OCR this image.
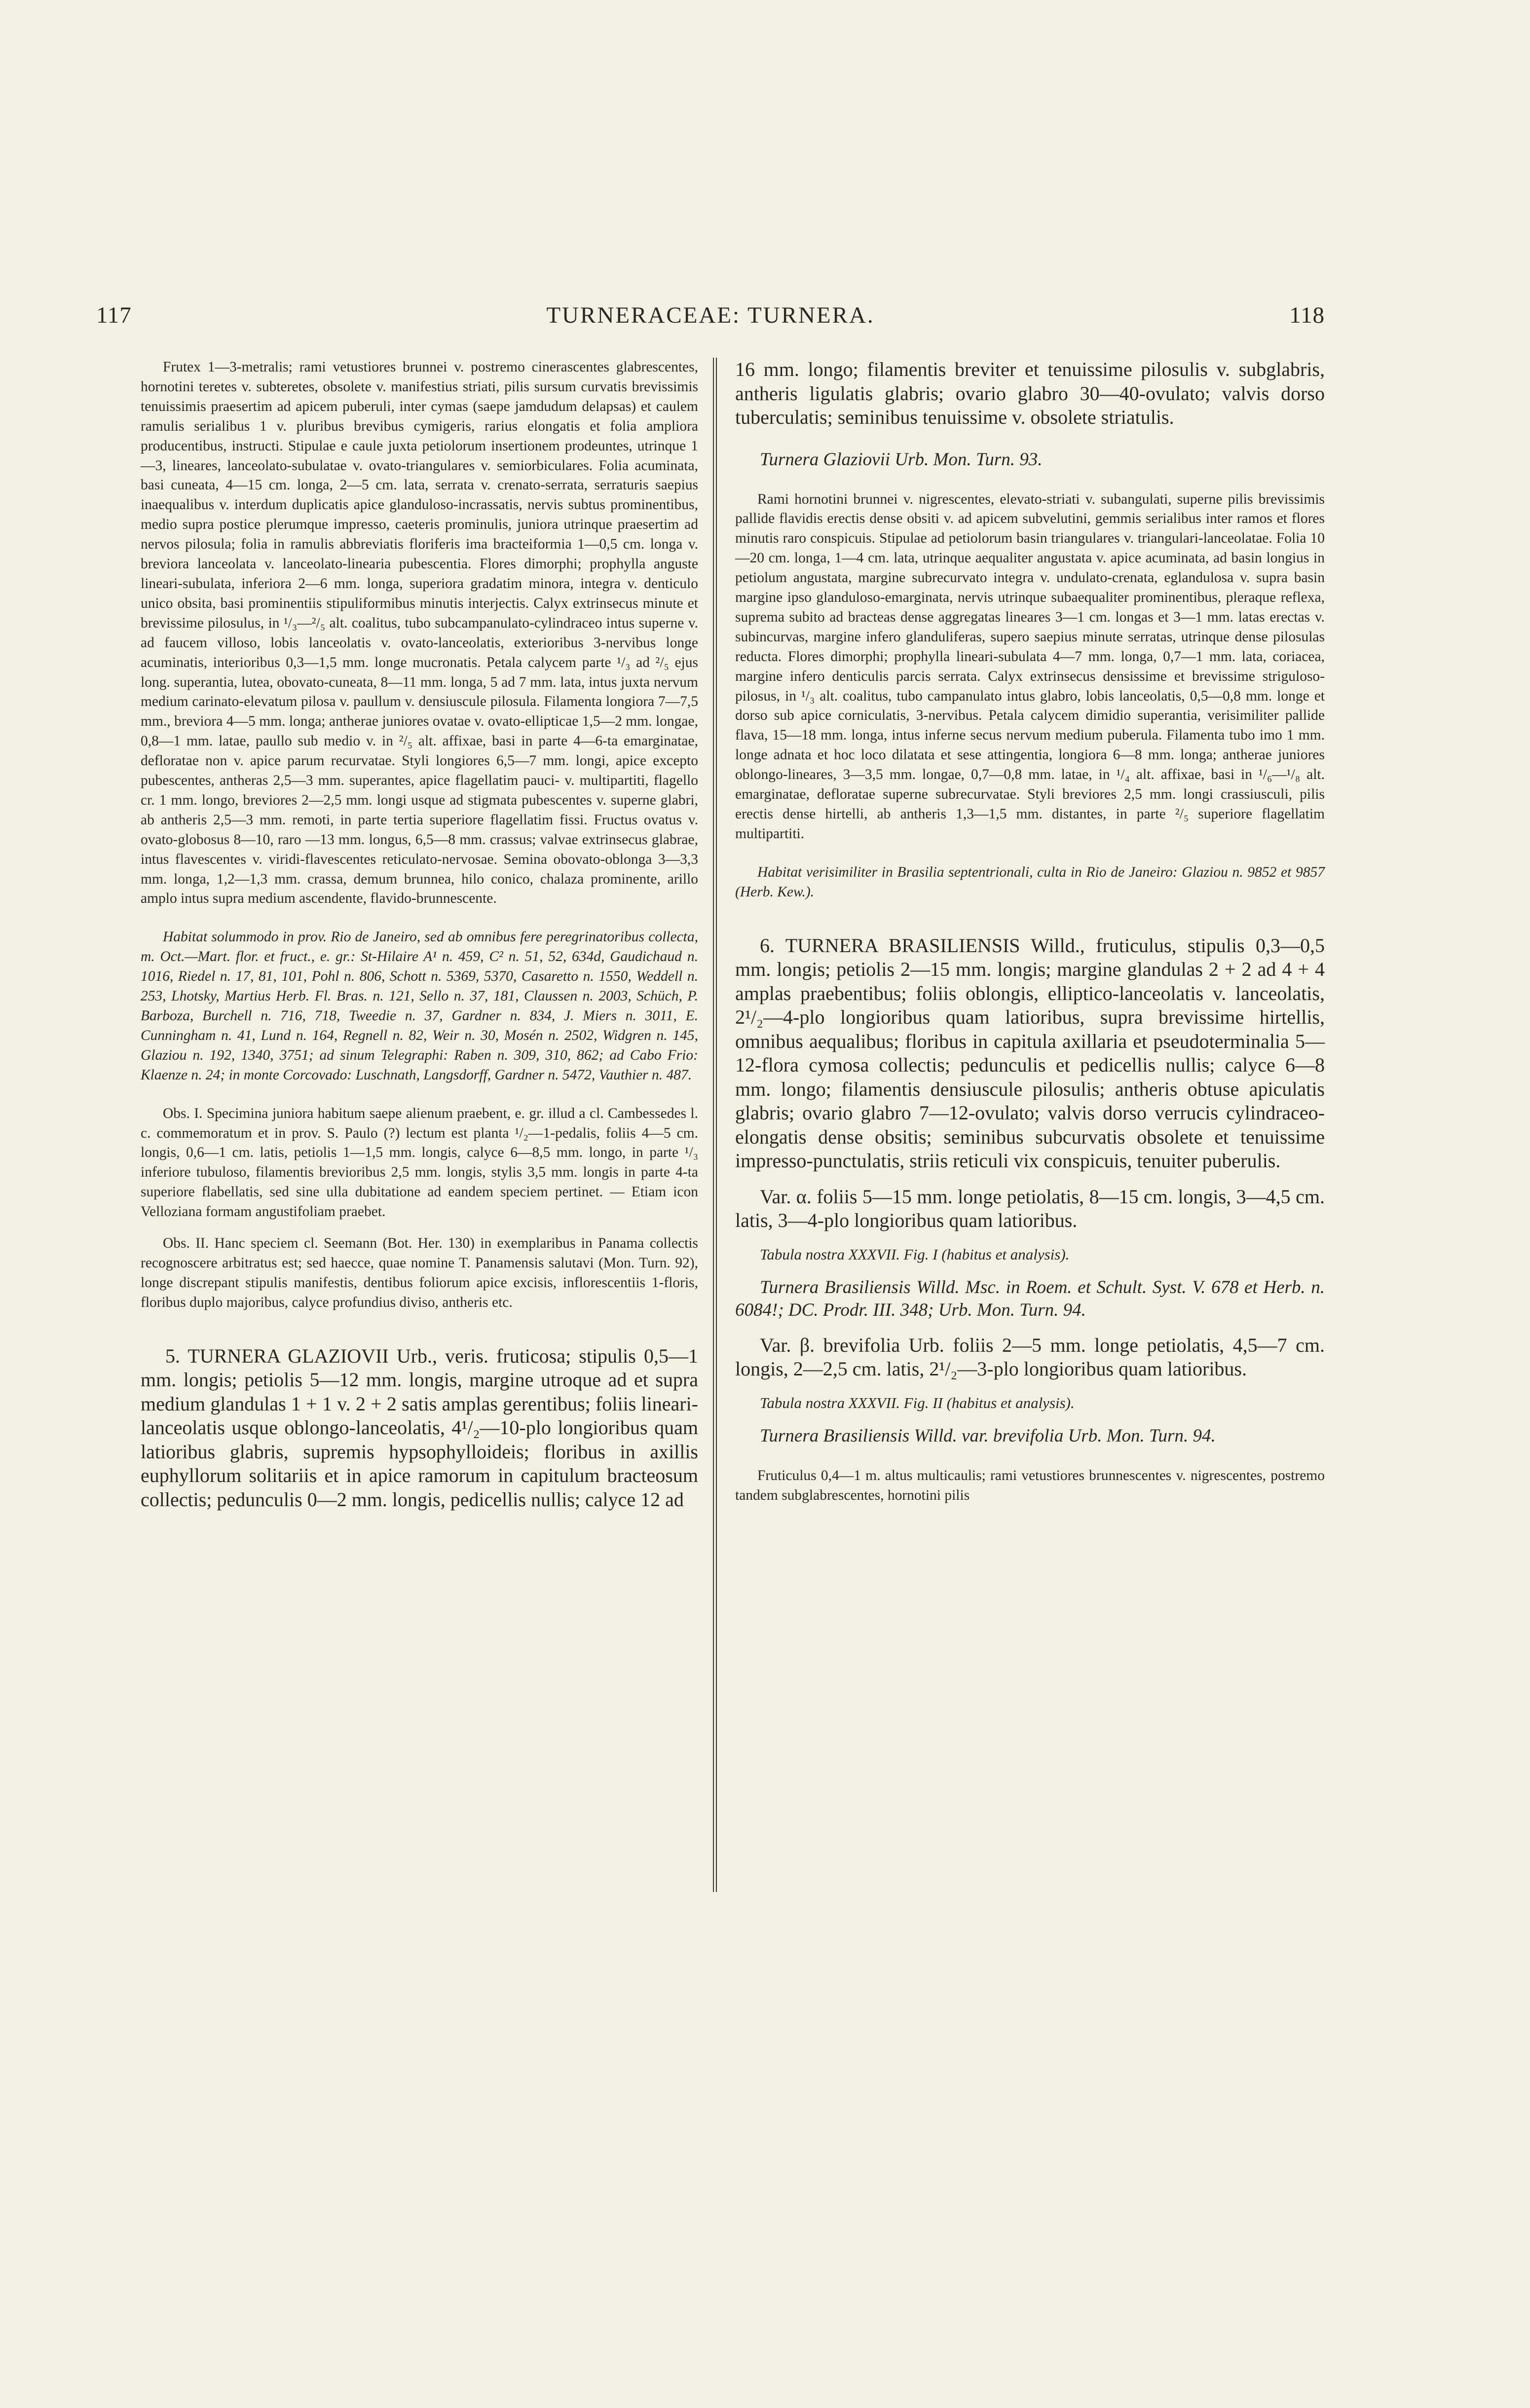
117	TURNERACEAE: TURNERA.	118

Frutex 1—3-metralis; rami vetustiores brunnei v. postremo cinerascentes glabrescentes, hornotini teretes v. subteretes, obsolete v. manifestius striati, pilis sursum curvatis brevissimis tenuissimis praesertim ad apicem puberuli, inter cymas (saepe jamdudum delapsas) et caulem ramulis serialibus 1 v. pluribus brevibus cymigeris, rarius elongatis et folia ampliora producentibus, instructi. Stipulae e caule juxta petiolorum insertionem prodeuntes, utrinque 1—3, lineares, lanceolato-subulatae v. ovato-triangulares v. semiorbiculares. Folia acuminata, basi cuneata, 4—15 cm. longa, 2—5 cm. lata, serrata v. crenato-serrata, serraturis saepius inaequalibus v. interdum duplicatis apice glanduloso-incrassatis, nervis subtus prominentibus, medio supra postice plerumque impresso, caeteris prominulis, juniora utrinque praesertim ad nervos pilosula; folia in ramulis abbreviatis floriferis ima bracteiformia 1—0,5 cm. longa v. breviora lanceolata v. lanceolato-linearia pubescentia. Flores dimorphi; prophylla anguste lineari-subulata, inferiora 2—6 mm. longa, superiora gradatim minora, integra v. denticulo unico obsita, basi prominentiis stipuliformibus minutis interjectis. Calyx extrinsecus minute et brevissime pilosulus, in ¹/₃—²/₅ alt. coalitus, tubo subcampanulato-cylindraceo intus superne v. ad faucem villoso, lobis lanceolatis v. ovato-lanceolatis, exterioribus 3-nervibus longe acuminatis, interioribus 0,3—1,5 mm. longe mucronatis. Petala calycem parte ¹/₃ ad ²/₅ ejus long. superantia, lutea, obovato-cuneata, 8—11 mm. longa, 5 ad 7 mm. lata, intus juxta nervum medium carinato-elevatum pilosa v. paullum v. densiuscule pilosula. Filamenta longiora 7—7,5 mm., breviora 4—5 mm. longa; antherae juniores ovatae v. ovato-ellipticae 1,5—2 mm. longae, 0,8—1 mm. latae, paullo sub medio v. in ²/₅ alt. affixae, basi in parte 4—6-ta emarginatae, defloratae non v. apice parum recurvatae. Styli longiores 6,5—7 mm. longi, apice excepto pubescentes, antheras 2,5—3 mm. superantes, apice flagellatim pauci- v. multipartiti, flagello cr. 1 mm. longo, breviores 2—2,5 mm. longi usque ad stigmata pubescentes v. superne glabri, ab antheris 2,5—3 mm. remoti, in parte tertia superiore flagellatim fissi. Fructus ovatus v. ovato-globosus 8—10, raro —13 mm. longus, 6,5—8 mm. crassus; valvae extrinsecus glabrae, intus flavescentes v. viridi-flavescentes reticulato-nervosae. Semina obovato-oblonga 3—3,3 mm. longa, 1,2—1,3 mm. crassa, demum brunnea, hilo conico, chalaza prominente, arillo amplo intus supra medium ascendente, flavido-brunnescente.

Habitat solummodo in prov. Rio de Janeiro, sed ab omnibus fere peregrinatoribus collecta, m. Oct.—Mart. flor. et fruct., e. gr.: St-Hilaire A¹ n. 459, C² n. 51, 52, 634d, Gaudichaud n. 1016, Riedel n. 17, 81, 101, Pohl n. 806, Schott n. 5369, 5370, Casaretto n. 1550, Weddell n. 253, Lhotsky, Martius Herb. Fl. Bras. n. 121, Sello n. 37, 181, Claussen n. 2003, Schüch, P. Barboza, Burchell n. 716, 718, Tweedie n. 37, Gardner n. 834, J. Miers n. 3011, E. Cunningham n. 41, Lund n. 164, Regnell n. 82, Weir n. 30, Mosén n. 2502, Widgren n. 145, Glaziou n. 192, 1340, 3751; ad sinum Telegraphi: Raben n. 309, 310, 862; ad Cabo Frio: Klaenze n. 24; in monte Corcovado: Luschnath, Langsdorff, Gardner n. 5472, Vauthier n. 487.

Obs. I. Specimina juniora habitum saepe alienum praebent, e. gr. illud a cl. Cambessedes l. c. commemoratum et in prov. S. Paulo (?) lectum est planta ¹/₂—1-pedalis, foliis 4—5 cm. longis, 0,6—1 cm. latis, petiolis 1—1,5 mm. longis, calyce 6—8,5 mm. longo, in parte ¹/₃ inferiore tubuloso, filamentis brevioribus 2,5 mm. longis, stylis 3,5 mm. longis in parte 4-ta superiore flabellatis, sed sine ulla dubitatione ad eandem speciem pertinet. — Etiam icon Velloziana formam angustifoliam praebet.

Obs. II. Hanc speciem cl. Seemann (Bot. Her. 130) in exemplaribus in Panama collectis recognoscere arbitratus est; sed haecce, quae nomine T. Panamensis salutavi (Mon. Turn. 92), longe discrepant stipulis manifestis, dentibus foliorum apice excisis, inflorescentiis 1-floris, floribus duplo majoribus, calyce profundius diviso, antheris etc.

5. TURNERA GLAZIOVII Urb., veris. fruticosa; stipulis 0,5—1 mm. longis; petiolis 5—12 mm. longis, margine utroque ad et supra medium glandulas 1 + 1 v. 2 + 2 satis amplas gerentibus; foliis lineari-lanceolatis usque oblongo-lanceolatis, 4¹/₂—10-plo longioribus quam latioribus glabris, supremis hypsophylloideis; floribus in axillis euphyllorum solitariis et in apice ramorum in capitulum bracteosum collectis; pedunculis 0—2 mm. longis, pedicellis nullis; calyce 12 ad

16 mm. longo; filamentis breviter et tenuissime pilosulis v. subglabris, antheris ligulatis glabris; ovario glabro 30—40-ovulato; valvis dorso tuberculatis; seminibus tenuissime v. obsolete striatulis.

Turnera Glaziovii Urb. Mon. Turn. 93.

Rami hornotini brunnei v. nigrescentes, elevato-striati v. subangulati, superne pilis brevissimis pallide flavidis erectis dense obsiti v. ad apicem subvelutini, gemmis serialibus inter ramos et flores minutis raro conspicuis. Stipulae ad petiolorum basin triangulares v. triangulari-lanceolatae. Folia 10—20 cm. longa, 1—4 cm. lata, utrinque aequaliter angustata v. apice acuminata, ad basin longius in petiolum angustata, margine subrecurvato integra v. undulato-crenata, eglandulosa v. supra basin margine ipso glanduloso-emarginata, nervis utrinque subaequaliter prominentibus, pleraque reflexa, suprema subito ad bracteas dense aggregatas lineares 3—1 cm. longas et 3—1 mm. latas erectas v. subincurvas, margine infero glanduliferas, supero saepius minute serratas, utrinque dense pilosulas reducta. Flores dimorphi; prophylla lineari-subulata 4—7 mm. longa, 0,7—1 mm. lata, coriacea, margine infero denticulis parcis serrata. Calyx extrinsecus densissime et brevissime striguloso-pilosus, in ¹/₃ alt. coalitus, tubo campanulato intus glabro, lobis lanceolatis, 0,5—0,8 mm. longe et dorso sub apice corniculatis, 3-nervibus. Petala calycem dimidio superantia, verisimiliter pallide flava, 15—18 mm. longa, intus inferne secus nervum medium puberula. Filamenta tubo imo 1 mm. longe adnata et hoc loco dilatata et sese attingentia, longiora 6—8 mm. longa; antherae juniores oblongo-lineares, 3—3,5 mm. longae, 0,7—0,8 mm. latae, in ¹/₄ alt. affixae, basi in ¹/₆—¹/₈ alt. emarginatae, defloratae superne subrecurvatae. Styli breviores 2,5 mm. longi crassiusculi, pilis erectis dense hirtelli, ab antheris 1,3—1,5 mm. distantes, in parte ²/₅ superiore flagellatim multipartiti.

Habitat verisimiliter in Brasilia septentrionali, culta in Rio de Janeiro: Glaziou n. 9852 et 9857 (Herb. Kew.).

6. TURNERA BRASILIENSIS Willd., fruticulus, stipulis 0,3—0,5 mm. longis; petiolis 2—15 mm. longis; margine glandulas 2 + 2 ad 4 + 4 amplas praebentibus; foliis oblongis, elliptico-lanceolatis v. lanceolatis, 2¹/₂—4-plo longioribus quam latioribus, supra brevissime hirtellis, omnibus aequalibus; floribus in capitula axillaria et pseudoterminalia 5—12-flora cymosa collectis; pedunculis et pedicellis nullis; calyce 6—8 mm. longo; filamentis densiuscule pilosulis; antheris obtuse apiculatis glabris; ovario glabro 7—12-ovulato; valvis dorso verrucis cylindraceo-elongatis dense obsitis; seminibus subcurvatis obsolete et tenuissime impresso-punctulatis, striis reticuli vix conspicuis, tenuiter puberulis.

Var. α. foliis 5—15 mm. longe petiolatis, 8—15 cm. longis, 3—4,5 cm. latis, 3—4-plo longioribus quam latioribus.

Tabula nostra XXXVII. Fig. I (habitus et analysis).

Turnera Brasiliensis Willd. Msc. in Roem. et Schult. Syst. V. 678 et Herb. n. 6084!; DC. Prodr. III. 348; Urb. Mon. Turn. 94.

Var. β. brevifolia Urb. foliis 2—5 mm. longe petiolatis, 4,5—7 cm. longis, 2—2,5 cm. latis, 2¹/₂—3-plo longioribus quam latioribus.

Tabula nostra XXXVII. Fig. II (habitus et analysis).

Turnera Brasiliensis Willd. var. brevifolia Urb. Mon. Turn. 94.

Fruticulus 0,4—1 m. altus multicaulis; rami vetustiores brunnescentes v. nigrescentes, postremo tandem subglabrescentes, hornotini pilis
